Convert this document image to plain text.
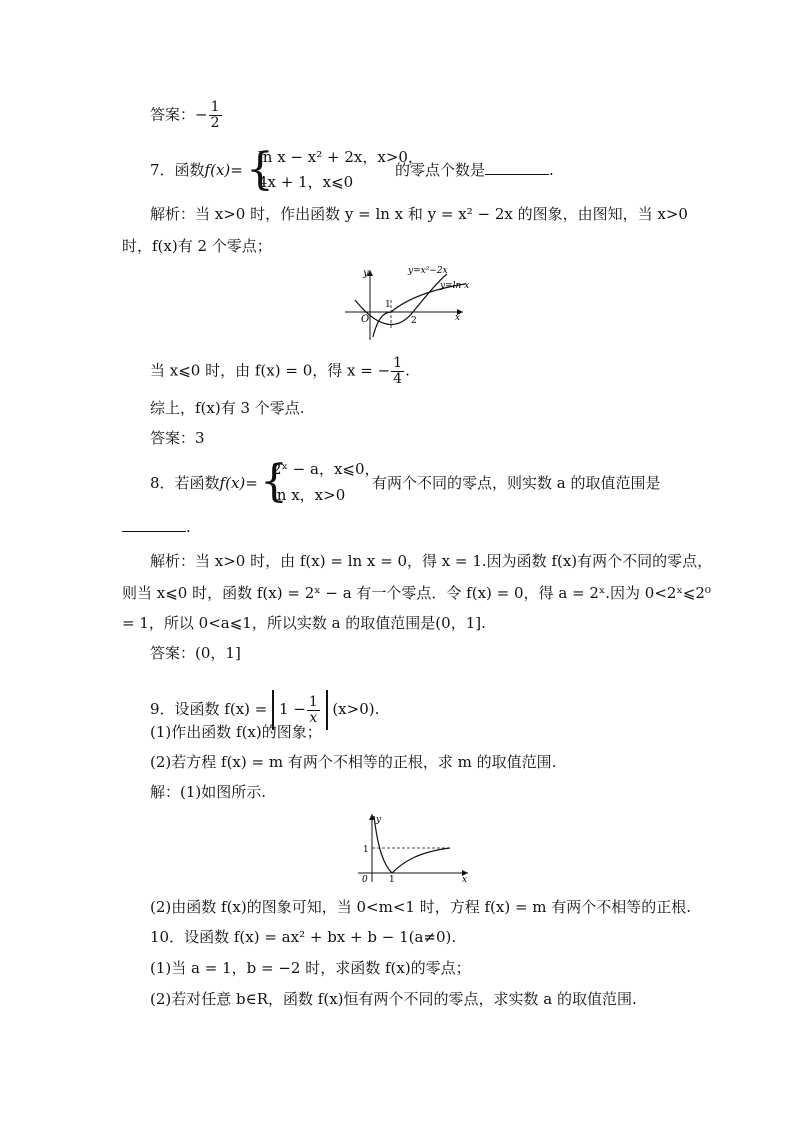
答案：− $\frac{1}{2}$
7．函数f(x)= {
ln x − x² + 2x，x>0，
4x + 1，x⩽0
的零点个数是	.
解析：当 x>0 时，作出函数 y = ln x 和 y = x² − 2x 的图象，由图知，当 x>0
时，f(x)有 2 个零点；
y
O
1
2	x
y=x²−2x
y=ln x
当 x⩽0 时，由 f(x) = 0，得 x = − $\frac{1}{4}$ .
综上，f(x)有 3 个零点.
答案：3
8．若函数f(x)= {
2ˣ − a，x⩽0，
ln x，x>0
有两个不同的零点，则实数 a 的取值范围是
.
解析：当 x>0 时，由 f(x) = ln x = 0，得 x = 1.因为函数 f(x)有两个不同的零点，
则当 x⩽0 时，函数 f(x) = 2ˣ − a 有一个零点．令 f(x) = 0，得 a = 2ˣ.因为 0<2ˣ⩽2⁰
= 1，所以 0<a⩽1，所以实数 a 的取值范围是(0，1].
答案：(0，1]
9．设函数 $f(x) = 1 - \frac{1}{x} (x>0)$.
(1)作出函数 f(x)的图象；
(2)若方程 f(x) = m 有两个不相等的正根，求 m 的取值范围.
解：(1)如图所示.
y
1
0 1	x
(2)由函数 f(x)的图象可知，当 0<m<1 时，方程 f(x) = m 有两个不相等的正根.
10．设函数 f(x) = ax² + bx + b − 1(a≠0).
(1)当 a = 1，b = −2 时，求函数 f(x)的零点；
(2)若对任意 b∈R，函数 f(x)恒有两个不同的零点，求实数 a 的取值范围.
